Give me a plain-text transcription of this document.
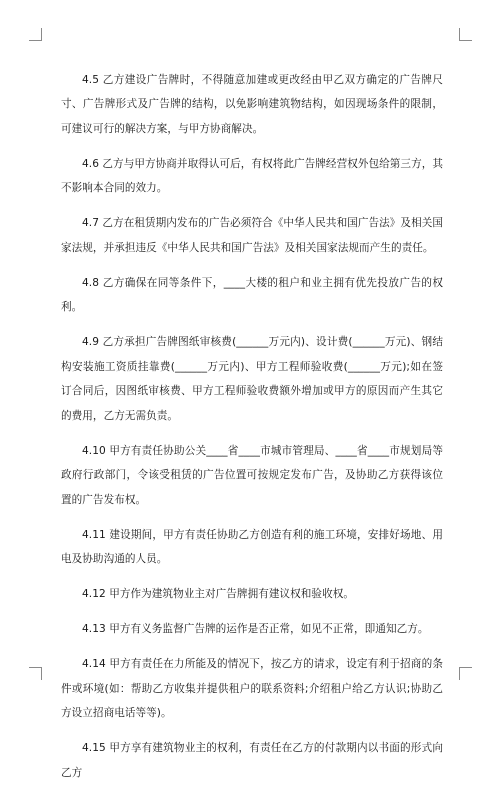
4.5 乙方建设广告牌时，不得随意加建或更改经由甲乙双方确定的广告牌尺寸、广告牌形式及广告牌的结构，以免影响建筑物结构，如因现场条件的限制，可建议可行的解决方案，与甲方协商解决。

4.6 乙方与甲方协商并取得认可后，有权将此广告牌经营权外包给第三方，其不影响本合同的效力。

4.7 乙方在租赁期内发布的广告必须符合《中华人民共和国广告法》及相关国家法规，并承担违反《中华人民共和国广告法》及相关国家法规而产生的责任。

4.8 乙方确保在同等条件下，____大楼的租户和业主拥有优先投放广告的权利。

4.9 乙方承担广告牌图纸审核费(______万元内)、设计费(______万元)、钢结构安装施工资质挂靠费(______万元内)、甲方工程师验收费(______万元);如在签订合同后，因图纸审核费、甲方工程师验收费额外增加或甲方的原因而产生其它的费用，乙方无需负责。

4.10 甲方有责任协助公关____省____市城市管理局、____省____市规划局等政府行政部门，令该受租赁的广告位置可按规定发布广告，及协助乙方获得该位置的广告发布权。

4.11 建设期间，甲方有责任协助乙方创造有利的施工环境，安排好场地、用电及协助沟通的人员。

4.12 甲方作为建筑物业主对广告牌拥有建议权和验收权。

4.13 甲方有义务监督广告牌的运作是否正常，如见不正常，即通知乙方。

4.14 甲方有责任在力所能及的情况下，按乙方的请求，设定有利于招商的条件或环境(如：帮助乙方收集并提供租户的联系资料;介绍租户给乙方认识;协助乙方设立招商电话等等)。

4.15 甲方享有建筑物业主的权利，有责任在乙方的付款期内以书面的形式向乙方
